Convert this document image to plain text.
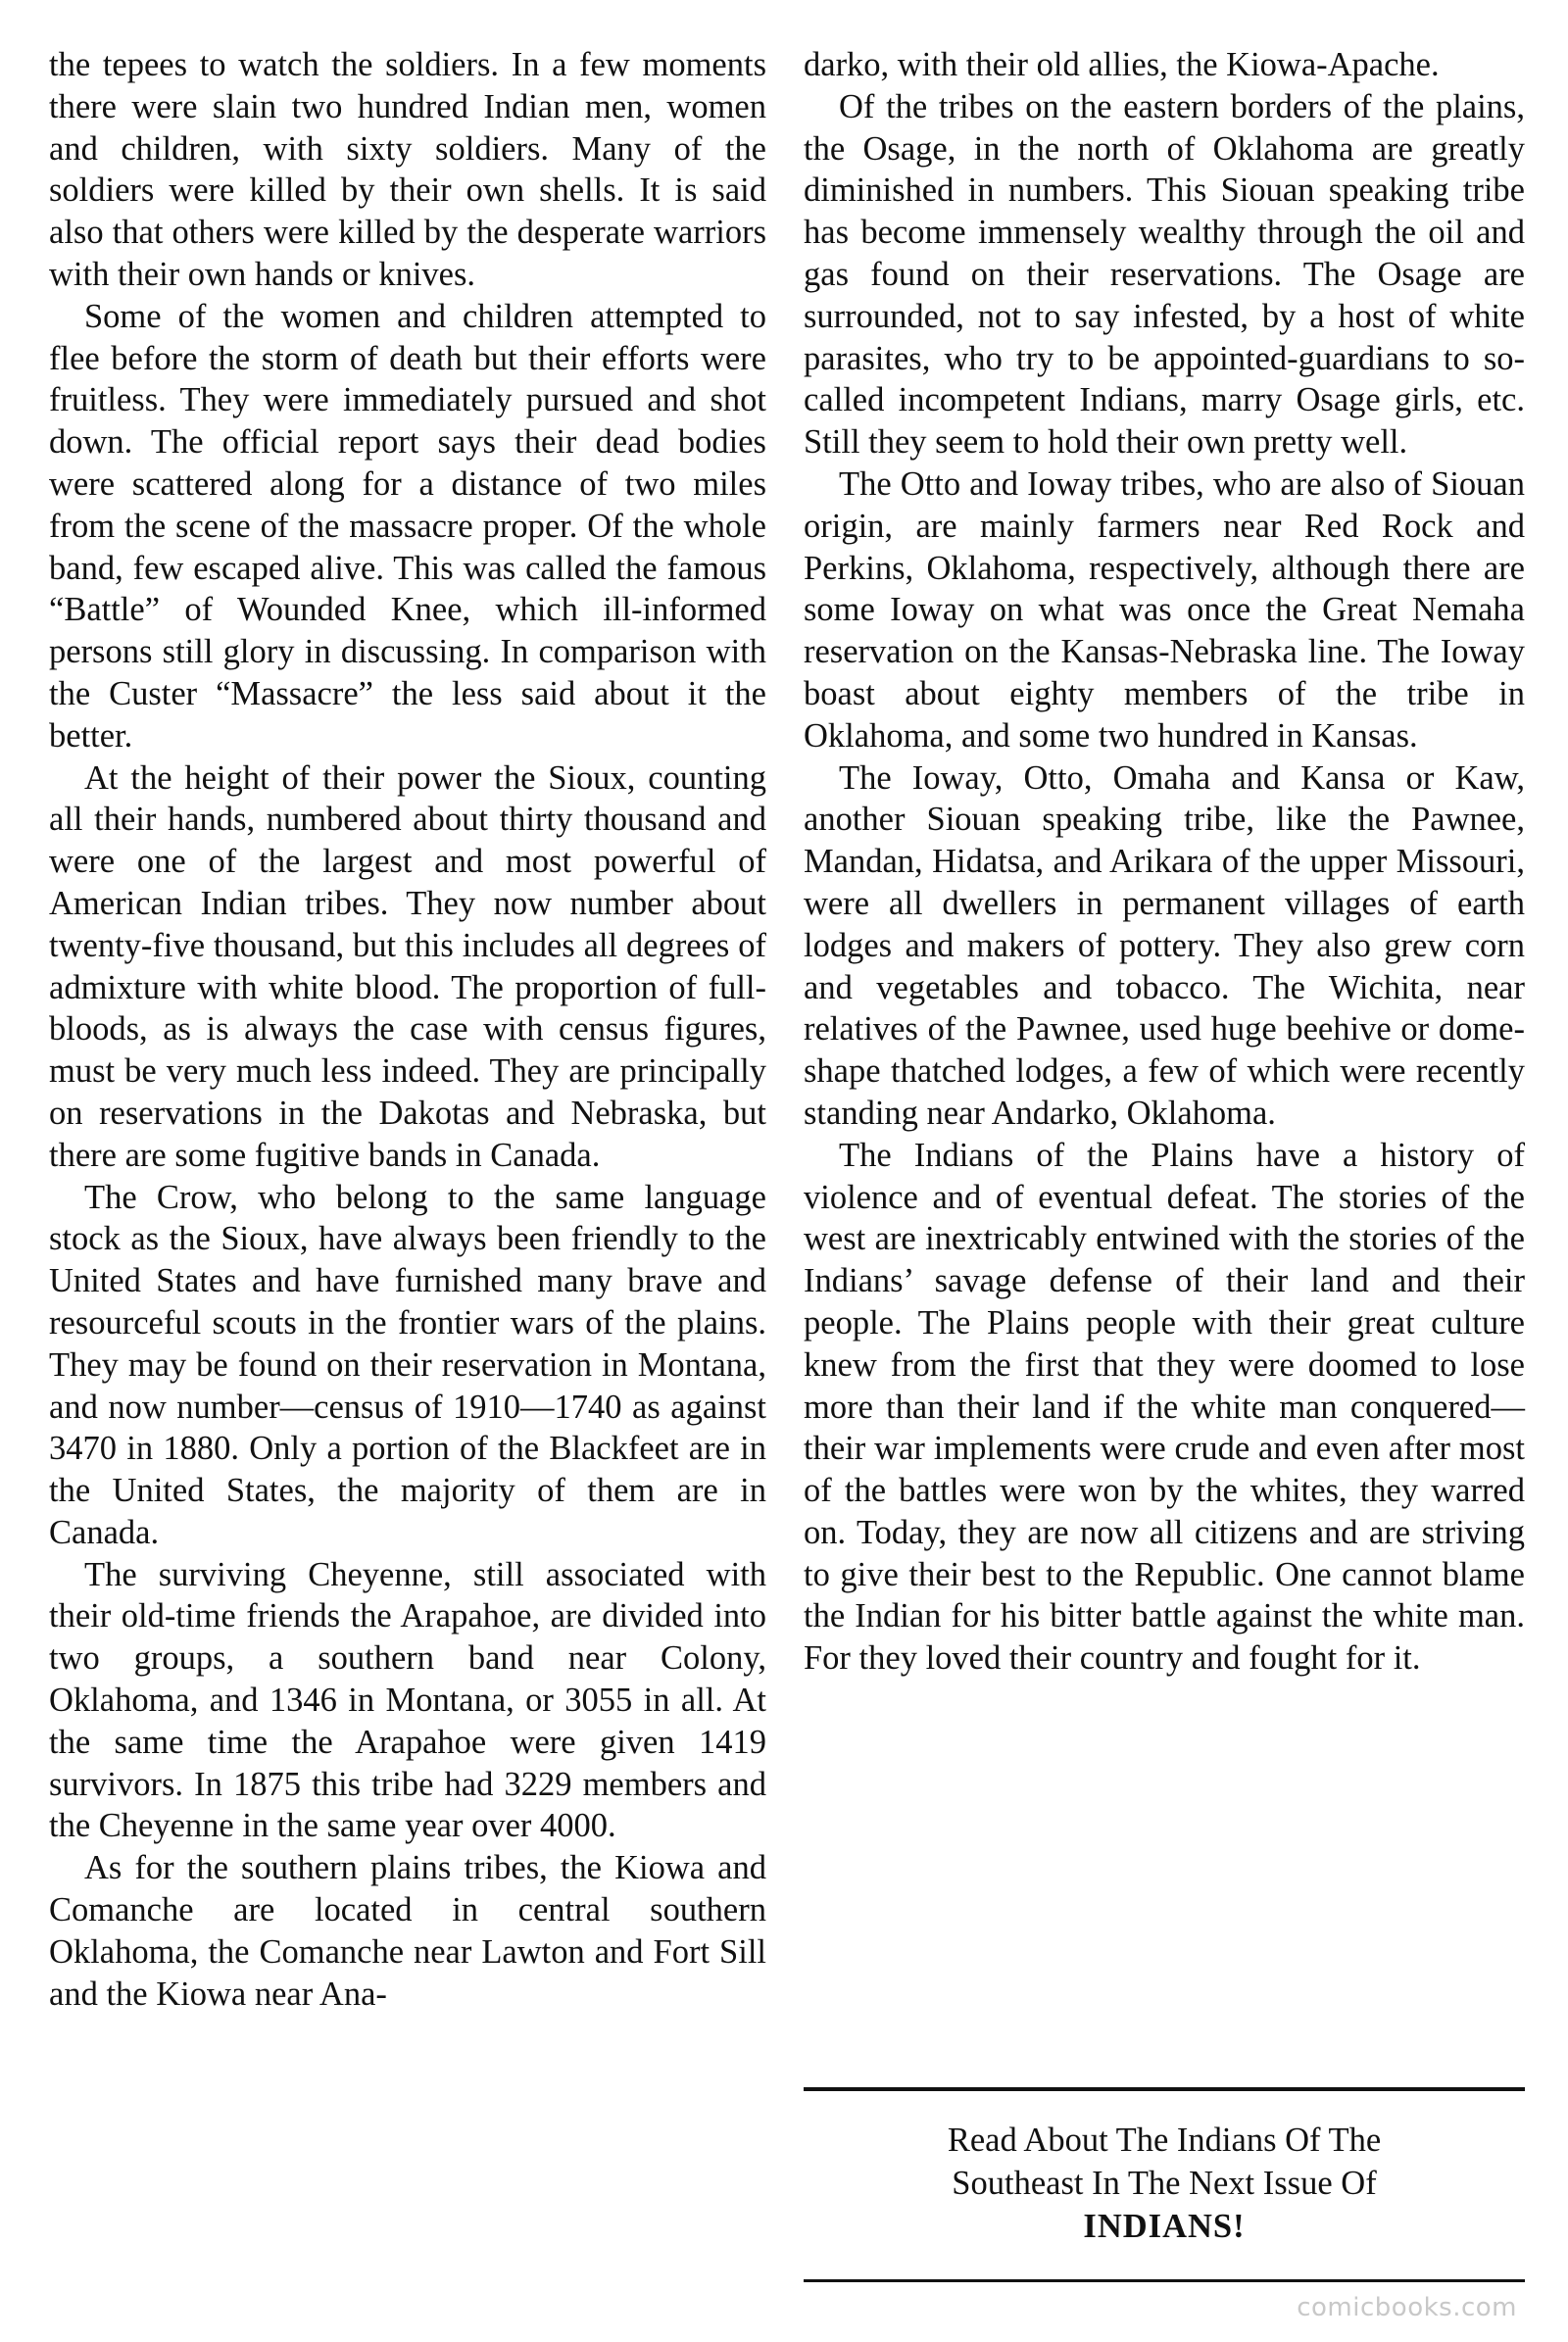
the tepees to watch the soldiers. In a few moments there were slain two hundred Indian men, women and children, with sixty soldiers. Many of the soldiers were killed by their own shells. It is said also that others were killed by the desperate warriors with their own hands or knives.

Some of the women and children attempted to flee before the storm of death but their efforts were fruitless. They were immediately pursued and shot down. The official report says their dead bodies were scattered along for a distance of two miles from the scene of the massacre proper. Of the whole band, few escaped alive. This was called the famous “Battle” of Wounded Knee, which ill-informed persons still glory in discussing. In comparison with the Custer “Massacre” the less said about it the better.

At the height of their power the Sioux, counting all their hands, numbered about thirty thousand and were one of the largest and most powerful of American Indian tribes. They now number about twenty-five thousand, but this includes all degrees of admixture with white blood. The proportion of full-bloods, as is always the case with census figures, must be very much less indeed. They are principally on reservations in the Dakotas and Nebraska, but there are some fugitive bands in Canada.

The Crow, who belong to the same language stock as the Sioux, have always been friendly to the United States and have furnished many brave and resourceful scouts in the frontier wars of the plains. They may be found on their reservation in Montana, and now number—census of 1910—1740 as against 3470 in 1880. Only a portion of the Blackfeet are in the United States, the majority of them are in Canada.

The surviving Cheyenne, still associated with their old-time friends the Arapahoe, are divided into two groups, a southern band near Colony, Oklahoma, and 1346 in Montana, or 3055 in all. At the same time the Arapahoe were given 1419 survivors. In 1875 this tribe had 3229 members and the Cheyenne in the same year over 4000.

As for the southern plains tribes, the Kiowa and Comanche are located in central southern Oklahoma, the Comanche near Lawton and Fort Sill and the Kiowa near Ana-

darko, with their old allies, the Kiowa-Apache.

Of the tribes on the eastern borders of the plains, the Osage, in the north of Oklahoma are greatly diminished in numbers. This Siouan speaking tribe has become immensely wealthy through the oil and gas found on their reservations. The Osage are surrounded, not to say infested, by a host of white parasites, who try to be appointed-guardians to so-called incompetent Indians, marry Osage girls, etc. Still they seem to hold their own pretty well.

The Otto and Ioway tribes, who are also of Siouan origin, are mainly farmers near Red Rock and Perkins, Oklahoma, respectively, although there are some Ioway on what was once the Great Nemaha reservation on the Kansas-Nebraska line. The Ioway boast about eighty members of the tribe in Oklahoma, and some two hundred in Kansas.

The Ioway, Otto, Omaha and Kansa or Kaw, another Siouan speaking tribe, like the Pawnee, Mandan, Hidatsa, and Arikara of the upper Missouri, were all dwellers in permanent villages of earth lodges and makers of pottery. They also grew corn and vegetables and tobacco. The Wichita, near relatives of the Pawnee, used huge beehive or dome-shape thatched lodges, a few of which were recently standing near Andarko, Oklahoma.

The Indians of the Plains have a history of violence and of eventual defeat. The stories of the west are inextricably entwined with the stories of the Indians’ savage defense of their land and their people. The Plains people with their great culture knew from the first that they were doomed to lose more than their land if the white man conquered—their war implements were crude and even after most of the battles were won by the whites, they warred on. Today, they are now all citizens and are striving to give their best to the Republic. One cannot blame the Indian for his bitter battle against the white man. For they loved their country and fought for it.

Read About The Indians Of The
Southeast In The Next Issue Of
INDIANS!
comicbooks.com
